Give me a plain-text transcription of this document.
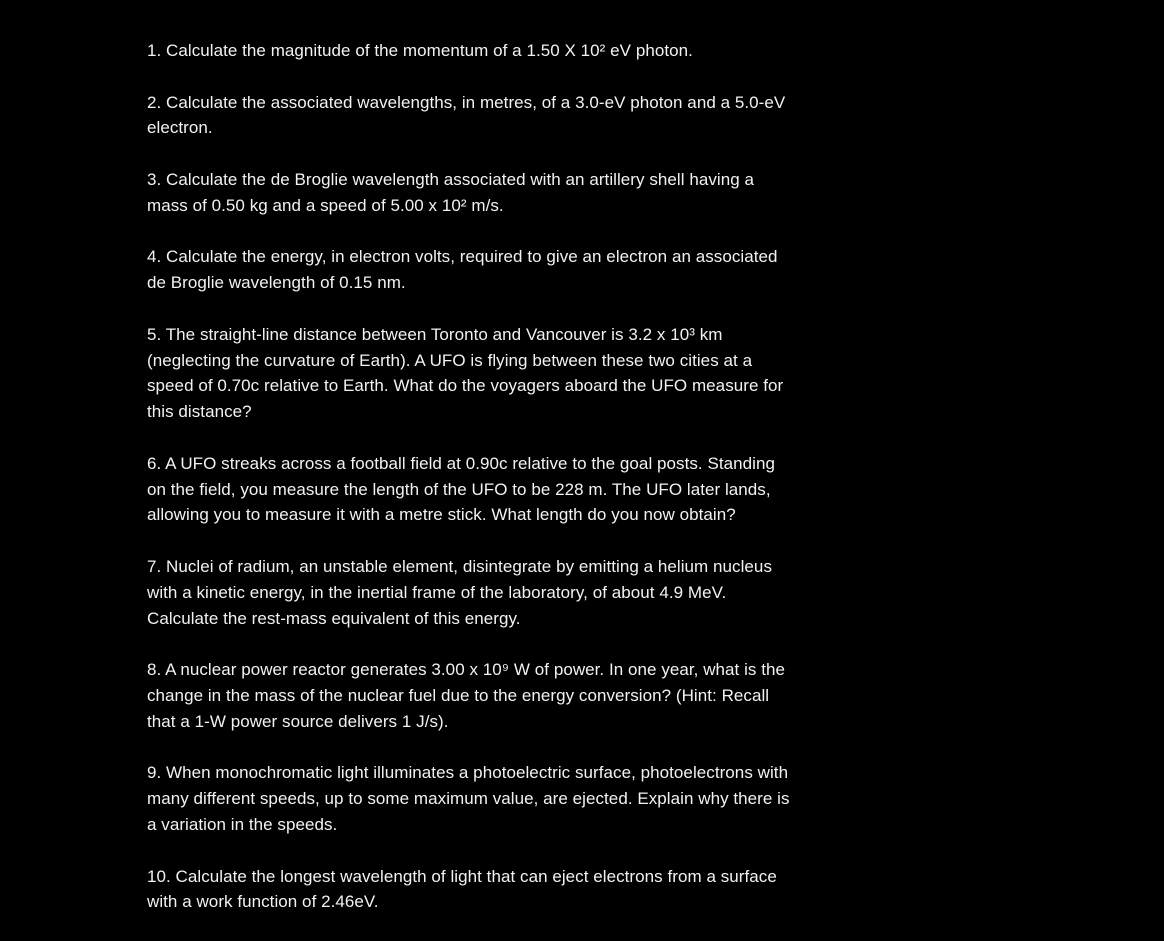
1. Calculate the magnitude of the momentum of a 1.50 X 10² eV photon.
2. Calculate the associated wavelengths, in metres, of a 3.0-eV photon and a 5.0-eV
electron.
3. Calculate the de Broglie wavelength associated with an artillery shell having a
mass of 0.50 kg and a speed of 5.00 x 10² m/s.
4. Calculate the energy, in electron volts, required to give an electron an associated
de Broglie wavelength of 0.15 nm.
5. The straight-line distance between Toronto and Vancouver is 3.2 x 10³ km
(neglecting the curvature of Earth). A UFO is flying between these two cities at a
speed of 0.70c relative to Earth. What do the voyagers aboard the UFO measure for
this distance?
6. A UFO streaks across a football field at 0.90c relative to the goal posts. Standing
on the field, you measure the length of the UFO to be 228 m. The UFO later lands,
allowing you to measure it with a metre stick. What length do you now obtain?
7. Nuclei of radium, an unstable element, disintegrate by emitting a helium nucleus
with a kinetic energy, in the inertial frame of the laboratory, of about 4.9 MeV.
Calculate the rest-mass equivalent of this energy.
8. A nuclear power reactor generates 3.00 x 10⁹ W of power. In one year, what is the
change in the mass of the nuclear fuel due to the energy conversion? (Hint: Recall
that a 1-W power source delivers 1 J/s).
9. When monochromatic light illuminates a photoelectric surface, photoelectrons with
many different speeds, up to some maximum value, are ejected. Explain why there is
a variation in the speeds.
10. Calculate the longest wavelength of light that can eject electrons from a surface
with a work function of 2.46eV.
